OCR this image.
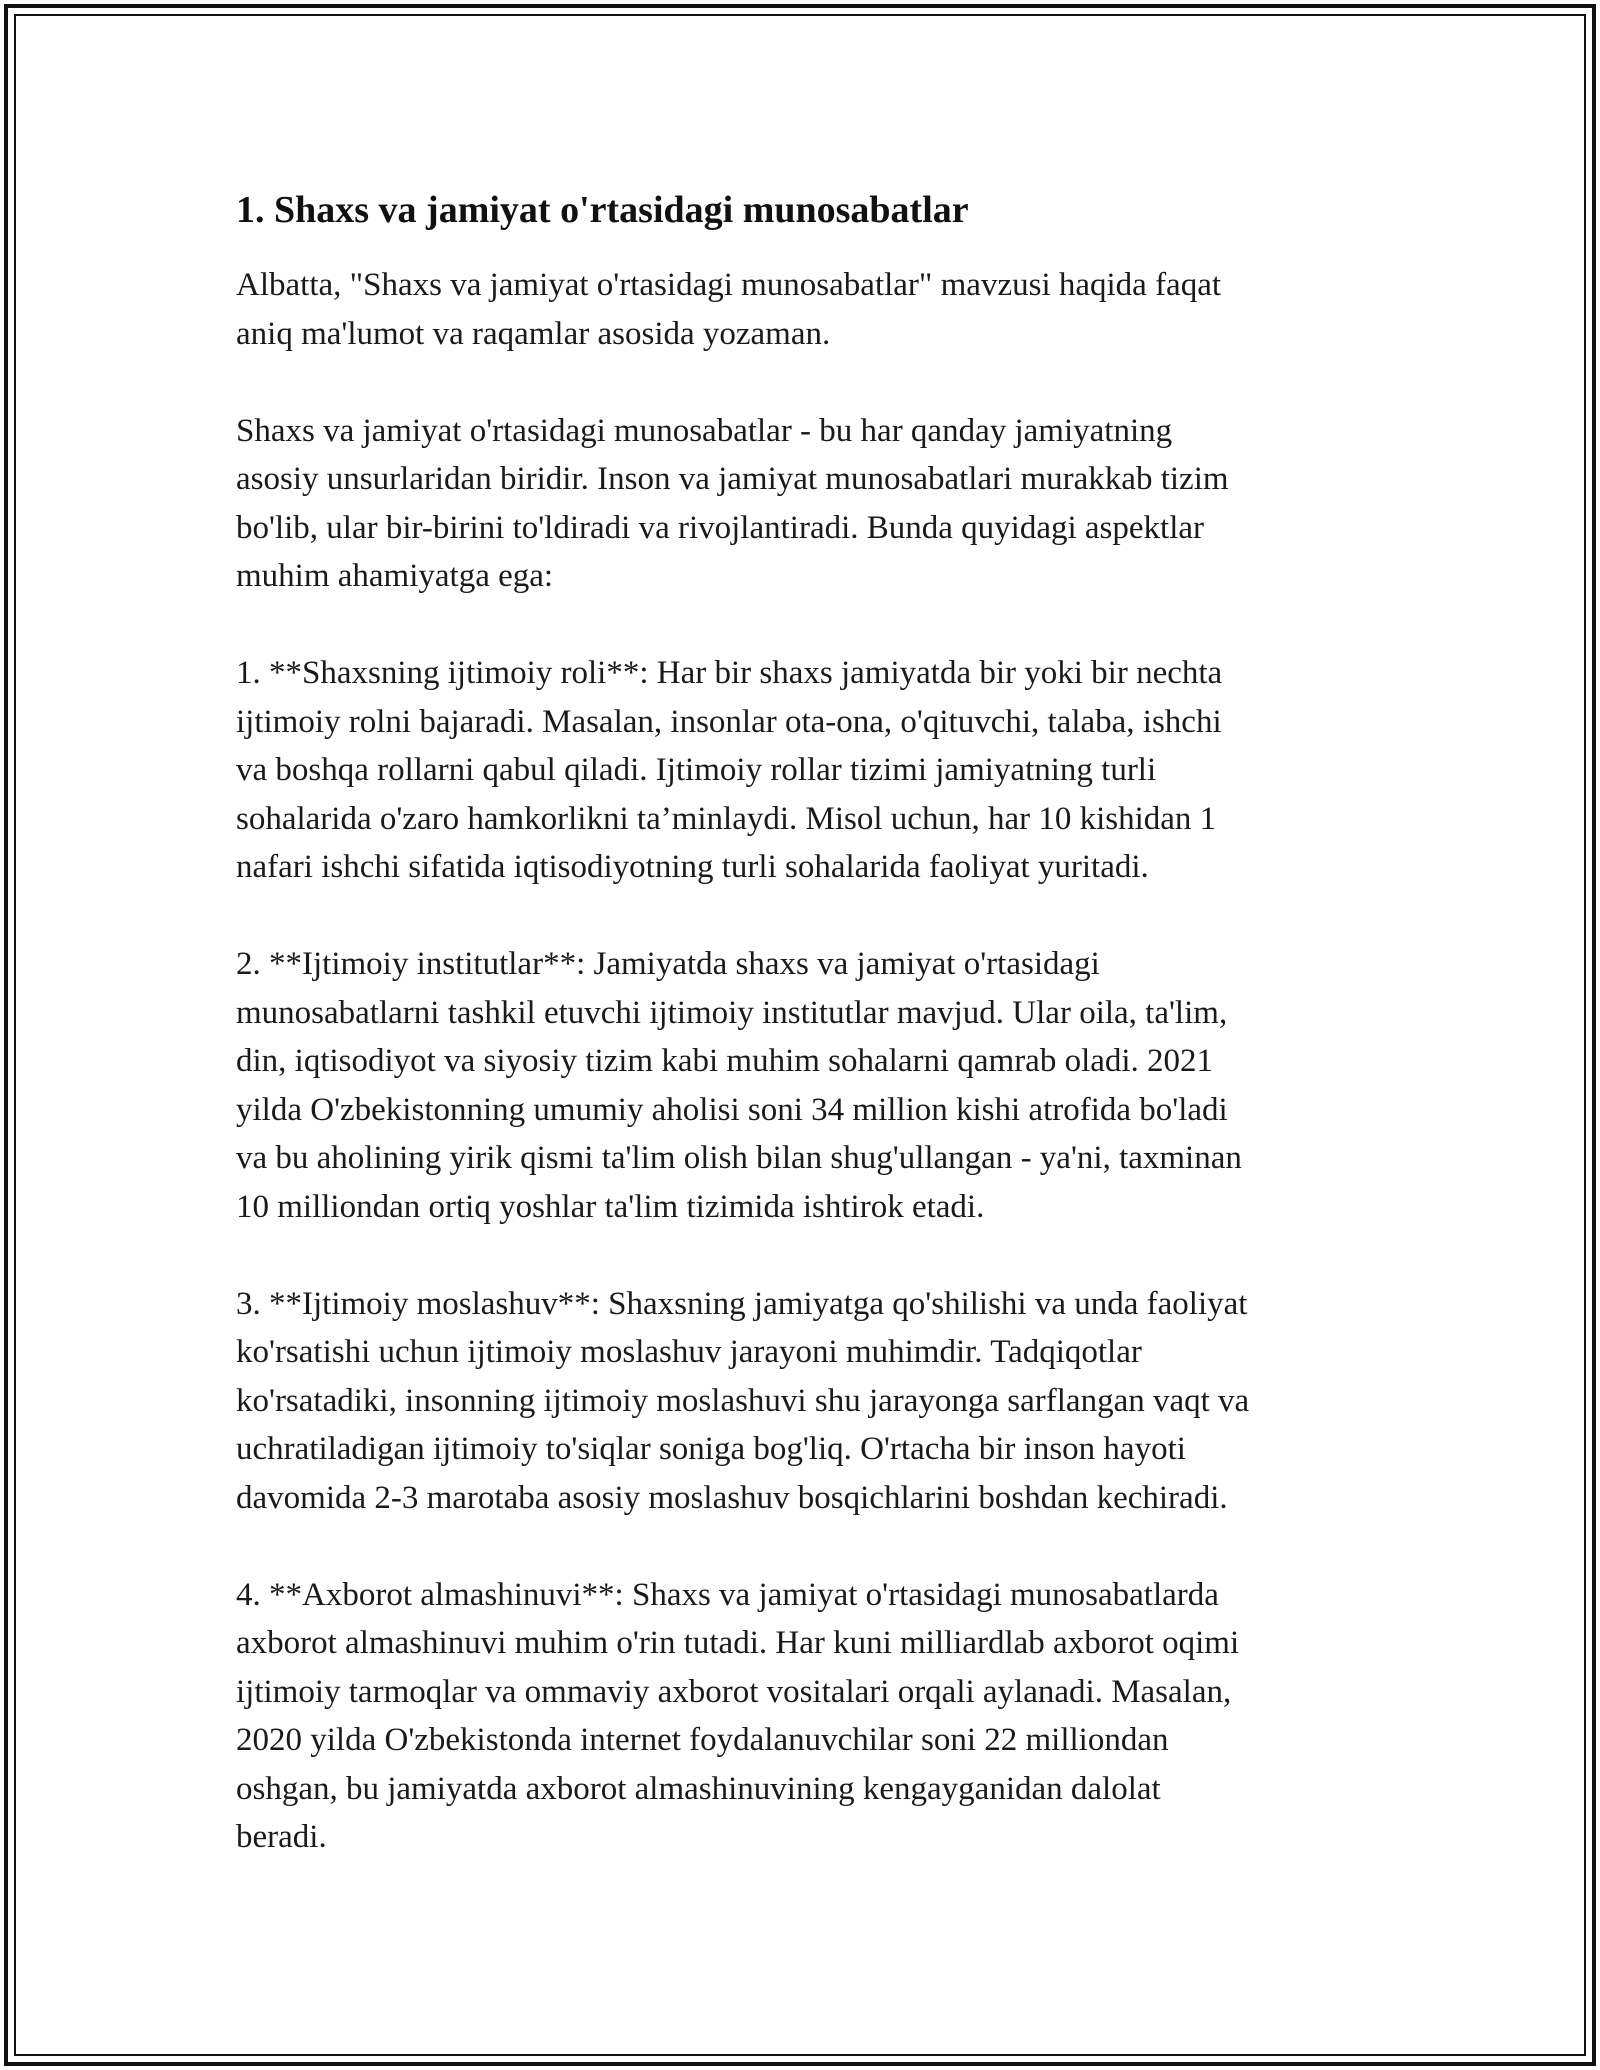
1. Shaxs va jamiyat o'rtasidagi munosabatlar

Albatta, "Shaxs va jamiyat o'rtasidagi munosabatlar" mavzusi haqida faqat
aniq ma'lumot va raqamlar asosida yozaman.

Shaxs va jamiyat o'rtasidagi munosabatlar - bu har qanday jamiyatning
asosiy unsurlaridan biridir. Inson va jamiyat munosabatlari murakkab tizim
bo'lib, ular bir-birini to'ldiradi va rivojlantiradi. Bunda quyidagi aspektlar
muhim ahamiyatga ega:

1. **Shaxsning ijtimoiy roli**: Har bir shaxs jamiyatda bir yoki bir nechta
ijtimoiy rolni bajaradi. Masalan, insonlar ota-ona, o'qituvchi, talaba, ishchi
va boshqa rollarni qabul qiladi. Ijtimoiy rollar tizimi jamiyatning turli
sohalarida o'zaro hamkorlikni ta’minlaydi. Misol uchun, har 10 kishidan 1
nafari ishchi sifatida iqtisodiyotning turli sohalarida faoliyat yuritadi.

2. **Ijtimoiy institutlar**: Jamiyatda shaxs va jamiyat o'rtasidagi
munosabatlarni tashkil etuvchi ijtimoiy institutlar mavjud. Ular oila, ta'lim,
din, iqtisodiyot va siyosiy tizim kabi muhim sohalarni qamrab oladi. 2021
yilda O'zbekistonning umumiy aholisi soni 34 million kishi atrofida bo'ladi
va bu aholining yirik qismi ta'lim olish bilan shug'ullangan - ya'ni, taxminan
10 milliondan ortiq yoshlar ta'lim tizimida ishtirok etadi.

3. **Ijtimoiy moslashuv**: Shaxsning jamiyatga qo'shilishi va unda faoliyat
ko'rsatishi uchun ijtimoiy moslashuv jarayoni muhimdir. Tadqiqotlar
ko'rsatadiki, insonning ijtimoiy moslashuvi shu jarayonga sarflangan vaqt va
uchratiladigan ijtimoiy to'siqlar soniga bog'liq. O'rtacha bir inson hayoti
davomida 2-3 marotaba asosiy moslashuv bosqichlarini boshdan kechiradi.

4. **Axborot almashinuvi**: Shaxs va jamiyat o'rtasidagi munosabatlarda
axborot almashinuvi muhim o'rin tutadi. Har kuni milliardlab axborot oqimi
ijtimoiy tarmoqlar va ommaviy axborot vositalari orqali aylanadi. Masalan,
2020 yilda O'zbekistonda internet foydalanuvchilar soni 22 milliondan
oshgan, bu jamiyatda axborot almashinuvining kengayganidan dalolat
beradi.
